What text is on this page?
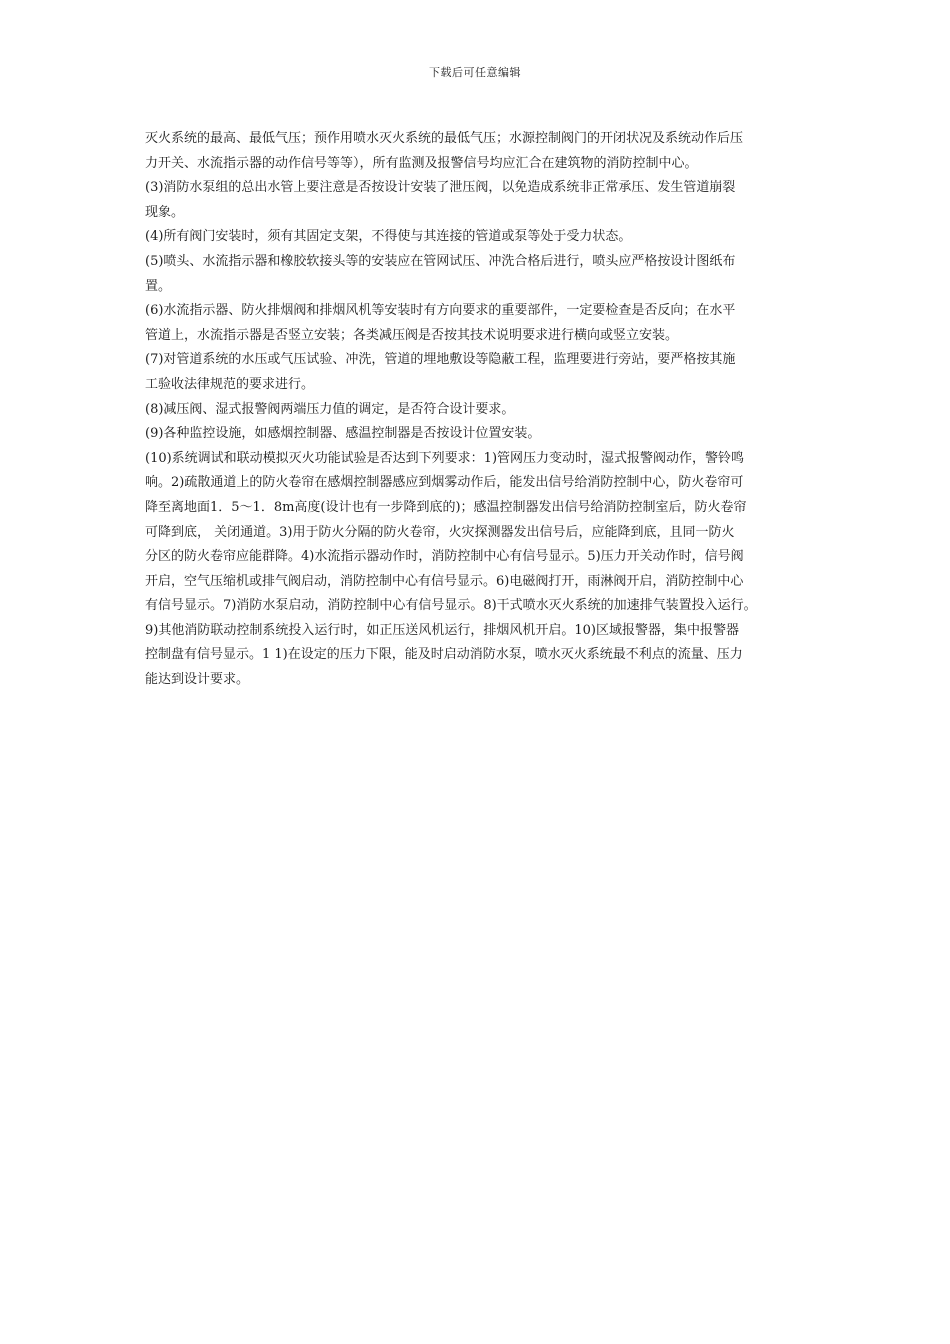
下载后可任意编辑
灭火系统的最高、最低气压；预作用喷水灭火系统的最低气压；水源控制阀门的开闭状况及系统动作后压
力开关、水流指示器的动作信号等等），所有监测及报警信号均应汇合在建筑物的消防控制中心。
(3)消防水泵组的总出水管上要注意是否按设计安装了泄压阀，以免造成系统非正常承压、发生管道崩裂
现象。
(4)所有阀门安装时，须有其固定支架，不得使与其连接的管道或泵等处于受力状态。
(5)喷头、水流指示器和橡胶软接头等的安装应在管网试压、冲洗合格后进行，喷头应严格按设计图纸布
置。
(6)水流指示器、防火排烟阀和排烟风机等安装时有方向要求的重要部件，一定要检查是否反向；在水平
管道上，水流指示器是否竖立安装；各类减压阀是否按其技术说明要求进行横向或竖立安装。
(7)对管道系统的水压或气压试验、冲洗，管道的埋地敷设等隐蔽工程，监理要进行旁站，要严格按其施
工验收法律规范的要求进行。
(8)减压阀、湿式报警阀两端压力值的调定，是否符合设计要求。
(9)各种监控设施，如感烟控制器、感温控制器是否按设计位置安装。
(10)系统调试和联动模拟灭火功能试验是否达到下列要求：1)管网压力变动时，湿式报警阀动作，警铃鸣
响。2)疏散通道上的防火卷帘在感烟控制器感应到烟雾动作后，能发出信号给消防控制中心，防火卷帘可
降至离地面1．5～1．8m高度(设计也有一步降到底的)；感温控制器发出信号给消防控制室后，防火卷帘
可降到底， 关闭通道。3)用于防火分隔的防火卷帘，火灾探测器发出信号后，应能降到底，且同一防火
分区的防火卷帘应能群降。4)水流指示器动作时，消防控制中心有信号显示。5)压力开关动作时，信号阀
开启，空气压缩机或排气阀启动，消防控制中心有信号显示。6)电磁阀打开，雨淋阀开启，消防控制中心
有信号显示。7)消防水泵启动，消防控制中心有信号显示。8)干式喷水灭火系统的加速排气装置投入运行。
9)其他消防联动控制系统投入运行时，如正压送风机运行，排烟风机开启。10)区域报警器，集中报警器
控制盘有信号显示。1 1)在设定的压力下限，能及时启动消防水泵，喷水灭火系统最不利点的流量、压力
能达到设计要求。
